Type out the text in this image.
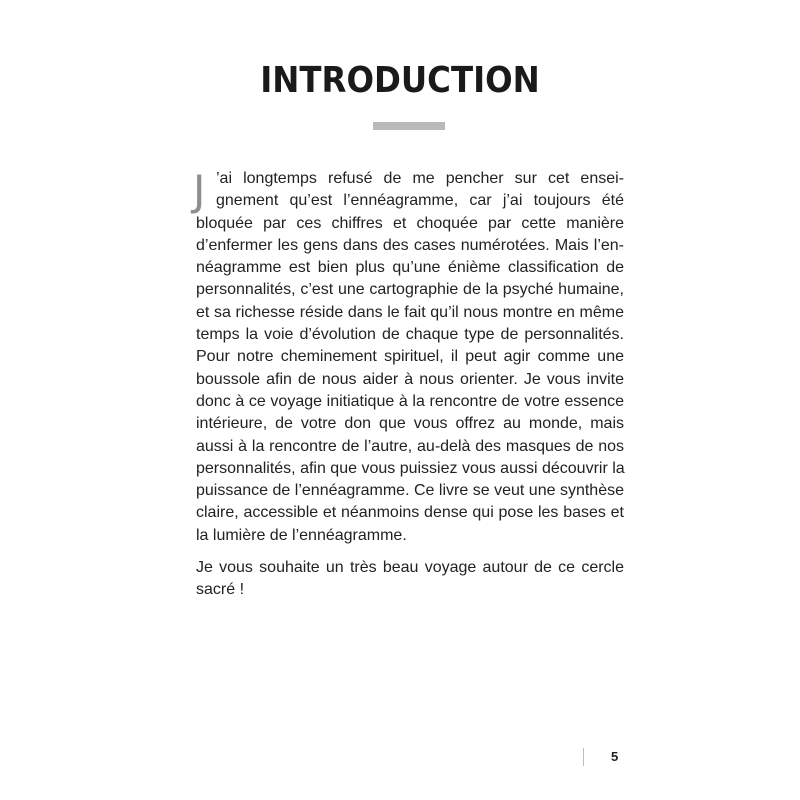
INTRODUCTION
J ’ai longtemps refusé de me pencher sur cet ensei-
gnement qu’est l’ennéagramme, car j’ai toujours été
bloquée par ces chiffres et choquée par cette manière
d’enfermer les gens dans des cases numérotées. Mais l’en-
néagramme est bien plus qu’une énième classification de
personnalités, c’est une cartographie de la psyché humaine,
et sa richesse réside dans le fait qu’il nous montre en même
temps la voie d’évolution de chaque type de personnalités.
Pour notre cheminement spirituel, il peut agir comme une
boussole afin de nous aider à nous orienter. Je vous invite
donc à ce voyage initiatique à la rencontre de votre essence
intérieure, de votre don que vous offrez au monde, mais
aussi à la rencontre de l’autre, au-delà des masques de nos
personnalités, afin que vous puissiez vous aussi découvrir la
puissance de l’ennéagramme. Ce livre se veut une synthèse
claire, accessible et néanmoins dense qui pose les bases et
la lumière de l’ennéagramme.

Je vous souhaite un très beau voyage autour de ce cercle sacré !

5
